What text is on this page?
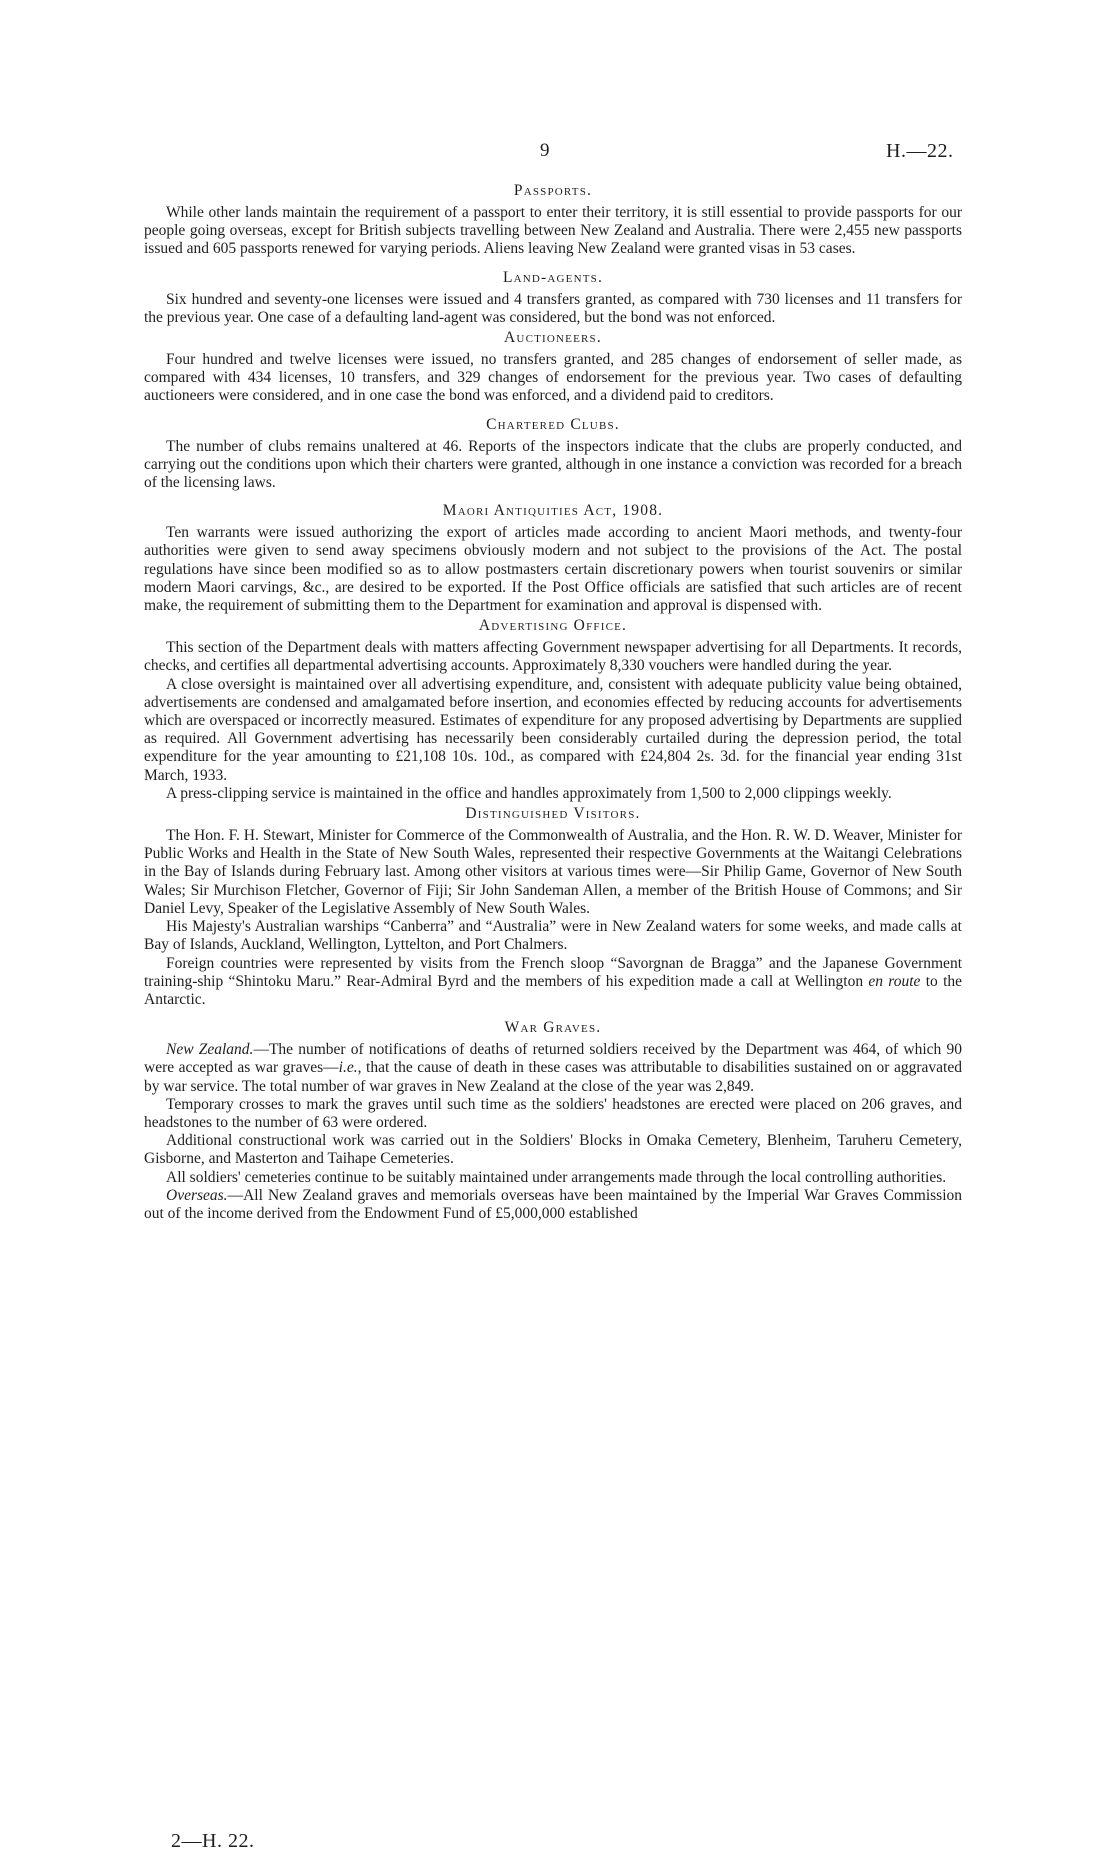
9	H.—22.
Passports.

While other lands maintain the requirement of a passport to enter their territory, it is still essential to provide passports for our people going overseas, except for British subjects travelling between New Zealand and Australia. There were 2,455 new passports issued and 605 passports renewed for varying periods. Aliens leaving New Zealand were granted visas in 53 cases.

Land-agents.

Six hundred and seventy-one licenses were issued and 4 transfers granted, as compared with 730 licenses and 11 transfers for the previous year. One case of a defaulting land-agent was considered, but the bond was not enforced.

Auctioneers.

Four hundred and twelve licenses were issued, no transfers granted, and 285 changes of endorsement of seller made, as compared with 434 licenses, 10 transfers, and 329 changes of endorsement for the previous year. Two cases of defaulting auctioneers were considered, and in one case the bond was enforced, and a dividend paid to creditors.

Chartered Clubs.

The number of clubs remains unaltered at 46. Reports of the inspectors indicate that the clubs are properly conducted, and carrying out the conditions upon which their charters were granted, although in one instance a conviction was recorded for a breach of the licensing laws.

Maori Antiquities Act, 1908.

Ten warrants were issued authorizing the export of articles made according to ancient Maori methods, and twenty-four authorities were given to send away specimens obviously modern and not subject to the provisions of the Act. The postal regulations have since been modified so as to allow postmasters certain discretionary powers when tourist souvenirs or similar modern Maori carvings, &c., are desired to be exported. If the Post Office officials are satisfied that such articles are of recent make, the requirement of submitting them to the Department for examination and approval is dispensed with.

Advertising Office.

This section of the Department deals with matters affecting Government newspaper advertising for all Departments. It records, checks, and certifies all departmental advertising accounts. Approximately 8,330 vouchers were handled during the year.

A close oversight is maintained over all advertising expenditure, and, consistent with adequate publicity value being obtained, advertisements are condensed and amalgamated before insertion, and economies effected by reducing accounts for advertisements which are overspaced or incorrectly measured. Estimates of expenditure for any proposed advertising by Departments are supplied as required. All Government advertising has necessarily been considerably curtailed during the depression period, the total expenditure for the year amounting to £21,108 10s. 10d., as compared with £24,804 2s. 3d. for the financial year ending 31st March, 1933.

A press-clipping service is maintained in the office and handles approximately from 1,500 to 2,000 clippings weekly.

Distinguished Visitors.

The Hon. F. H. Stewart, Minister for Commerce of the Commonwealth of Australia, and the Hon. R. W. D. Weaver, Minister for Public Works and Health in the State of New South Wales, represented their respective Governments at the Waitangi Celebrations in the Bay of Islands during February last. Among other visitors at various times were—Sir Philip Game, Governor of New South Wales; Sir Murchison Fletcher, Governor of Fiji; Sir John Sandeman Allen, a member of the British House of Commons; and Sir Daniel Levy, Speaker of the Legislative Assembly of New South Wales.

His Majesty's Australian warships “Canberra” and “Australia” were in New Zealand waters for some weeks, and made calls at Bay of Islands, Auckland, Wellington, Lyttelton, and Port Chalmers.

Foreign countries were represented by visits from the French sloop “Savorgnan de Bragga” and the Japanese Government training-ship “Shintoku Maru.” Rear-Admiral Byrd and the members of his expedition made a call at Wellington en route to the Antarctic.

War Graves.

New Zealand.—The number of notifications of deaths of returned soldiers received by the Department was 464, of which 90 were accepted as war graves—i.e., that the cause of death in these cases was attributable to disabilities sustained on or aggravated by war service. The total number of war graves in New Zealand at the close of the year was 2,849.

Temporary crosses to mark the graves until such time as the soldiers' headstones are erected were placed on 206 graves, and headstones to the number of 63 were ordered.

Additional constructional work was carried out in the Soldiers' Blocks in Omaka Cemetery, Blenheim, Taruheru Cemetery, Gisborne, and Masterton and Taihape Cemeteries.

All soldiers' cemeteries continue to be suitably maintained under arrangements made through the local controlling authorities.

Overseas.—All New Zealand graves and memorials overseas have been maintained by the Imperial War Graves Commission out of the income derived from the Endowment Fund of £5,000,000 established

2—H. 22.
